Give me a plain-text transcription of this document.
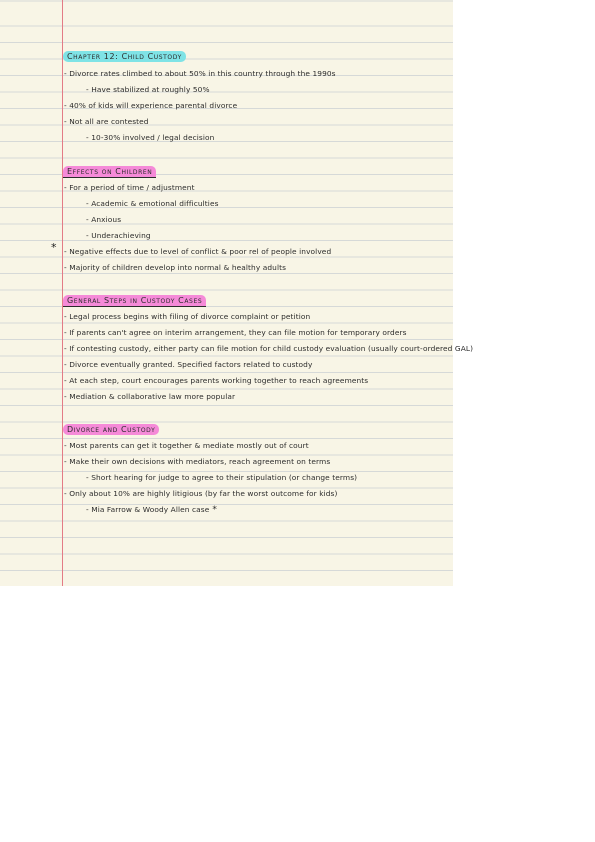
Chapter 12: Child Custody
- Divorce rates climbed to about 50% in this country through the 1990s
- Have stabilized at roughly 50%
- 40% of kids will experience parental divorce
- Not all are contested
- 10-30% involved / legal decision
Effects on Children
- For a period of time / adjustment
- Academic & emotional difficulties
- Anxious
- Underachieving
* - Negative effects due to level of conflict & poor rel of people involved
- Majority of children develop into normal & healthy adults
General Steps in Custody Cases
- Legal process begins with filing of divorce complaint or petition
- If parents can't agree on interim arrangement, they can file motion for temporary orders
- If contesting custody, either party can file motion for child custody evaluation (usually court-ordered GAL)
- Divorce eventually granted. Specified factors related to custody
- At each step, court encourages parents working together to reach agreements
- Mediation & collaborative law more popular
Divorce and Custody
- Most parents can get it together & mediate mostly out of court
- Make their own decisions with mediators, reach agreement on terms
- Short hearing for judge to agree to their stipulation (or change terms)
- Only about 10% are highly litigious (by far the worst outcome for kids)
- Mia Farrow & Woody Allen case *
